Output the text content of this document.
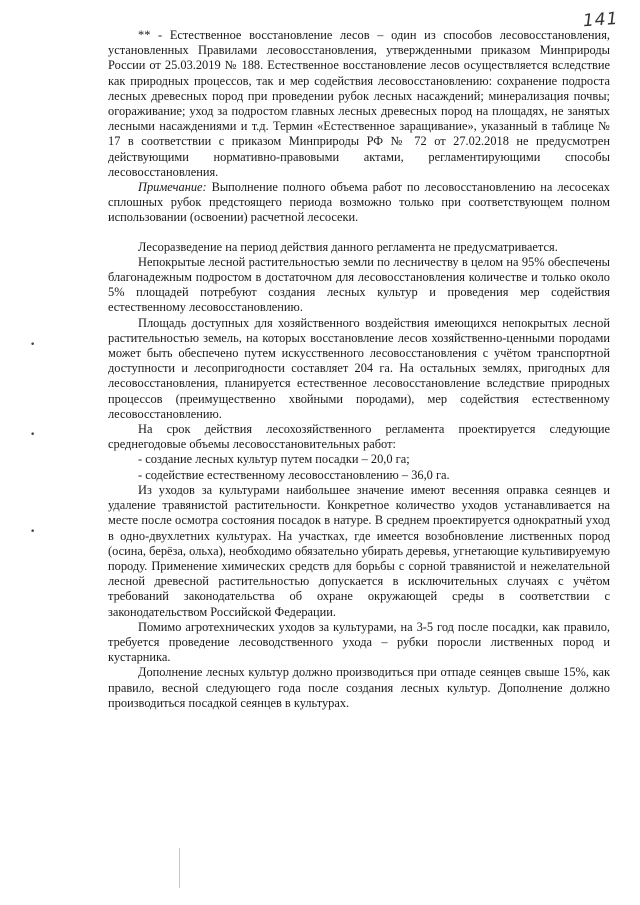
141
•
•
•

** - Естественное восстановление лесов – один из способов лесовосстановления, установленных Правилами лесовосстановления, утвержденными приказом Минприроды России от 25.03.2019 № 188. Естественное восстановление лесов осуществляется вследствие как природных процессов, так и мер содействия лесовосстановлению: сохранение подроста лесных древесных пород при проведении рубок лесных насаждений; минерализация почвы; огораживание; уход за подростом главных лесных древесных пород на площадях, не занятых лесными насаждениями и т.д. Термин «Естественное заращивание», указанный в таблице № 17 в соответствии с приказом Минприроды РФ № 72 от 27.02.2018 не предусмотрен действующими нормативно-правовыми актами, регламентирующими способы лесовосстановления.

Примечание: Выполнение полного объема работ по лесовосстановлению на лесосеках сплошных рубок предстоящего периода возможно только при соответствующем полном использовании (освоении) расчетной лесосеки.

Лесоразведение на период действия данного регламента не предусматривается.

Непокрытые лесной растительностью земли по лесничеству в целом на 95% обеспечены благонадежным подростом в достаточном для лесовосстановления количестве и только около 5% площадей потребуют создания лесных культур и проведения мер содействия естественному лесовосстановлению.

Площадь доступных для хозяйственного воздействия имеющихся непокрытых лесной растительностью земель, на которых восстановление лесов хозяйственно-ценными породами может быть обеспечено путем искусственного лесовосстановления с учётом транспортной доступности и лесопригодности составляет 204 га. На остальных землях, пригодных для лесовосстановления, планируется естественное лесовосстановление вследствие природных процессов (преимущественно хвойными породами), мер содействия естественному лесовосстановлению.

На срок действия лесохозяйственного регламента проектируется следующие среднегодовые объемы лесовосстановительных работ:

- создание лесных культур путем посадки – 20,0 га;

- содействие естественному лесовосстановлению – 36,0 га.

Из уходов за культурами наибольшее значение имеют весенняя оправка сеянцев и удаление травянистой растительности. Конкретное количество уходов устанавливается на месте после осмотра состояния посадок в натуре. В среднем проектируется однократный уход в одно-двухлетних культурах. На участках, где имеется возобновление лиственных пород (осина, берёза, ольха), необходимо обязательно убирать деревья, угнетающие культивируемую породу. Применение химических средств для борьбы с сорной травянистой и нежелательной лесной древесной растительностью допускается в исключительных случаях с учётом требований законодательства об охране окружающей среды в соответствии с законодательством Российской Федерации.

Помимо агротехнических уходов за культурами, на 3-5 год после посадки, как правило, требуется проведение лесоводственного ухода – рубки поросли лиственных пород и кустарника.

Дополнение лесных культур должно производиться при отпаде сеянцев свыше 15%, как правило, весной следующего года после создания лесных культур. Дополнение должно производиться посадкой сеянцев в культурах.
